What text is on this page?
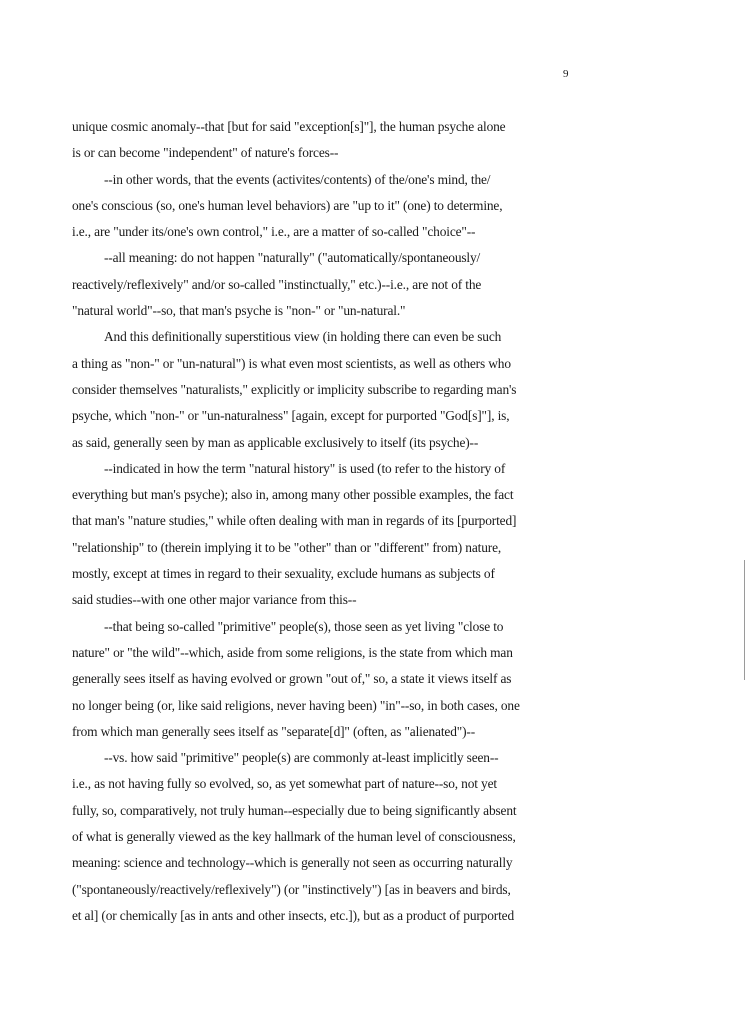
9
unique cosmic anomaly--that [but for said "exception[s]"], the human psyche alone
is or can become "independent" of nature's forces--
--in other words, that the events (activites/contents) of the/one's mind, the/
one's conscious (so, one's human level behaviors) are "up to it" (one) to determine,
i.e., are "under its/one's own control," i.e., are a matter of so-called "choice"--
--all meaning: do not happen "naturally" ("automatically/spontaneously/
reactively/reflexively" and/or so-called "instinctually," etc.)--i.e., are not of the
"natural world"--so, that man's psyche is "non-" or "un-natural."
And this definitionally superstitious view (in holding there can even be such
a thing as "non-" or "un-natural") is what even most scientists, as well as others who
consider themselves "naturalists," explicitly or implicity subscribe to regarding man's
psyche, which "non-" or "un-naturalness" [again, except for purported "God[s]"], is,
as said, generally seen by man as applicable exclusively to itself (its psyche)--
--indicated in how the term "natural history" is used (to refer to the history of
everything but man's psyche); also in, among many other possible examples, the fact
that man's "nature studies," while often dealing with man in regards of its [purported]
"relationship" to (therein implying it to be "other" than or "different" from) nature,
mostly, except at times in regard to their sexuality, exclude humans as subjects of
said studies--with one other major variance from this--
--that being so-called "primitive" people(s), those seen as yet living "close to
nature" or "the wild"--which, aside from some religions, is the state from which man
generally sees itself as having evolved or grown "out of," so, a state it views itself as
no longer being (or, like said religions, never having been) "in"--so, in both cases, one
from which man generally sees itself as "separate[d]" (often, as "alienated")--
--vs. how said "primitive" people(s) are commonly at-least implicitly seen--
i.e., as not having fully so evolved, so, as yet somewhat part of nature--so, not yet
fully, so, comparatively, not truly human--especially due to being significantly absent
of what is generally viewed as the key hallmark of the human level of consciousness,
meaning: science and technology--which is generally not seen as occurring naturally
("spontaneously/reactively/reflexively") (or "instinctively") [as in beavers and birds,
et al] (or chemically [as in ants and other insects, etc.]), but as a product of purported
